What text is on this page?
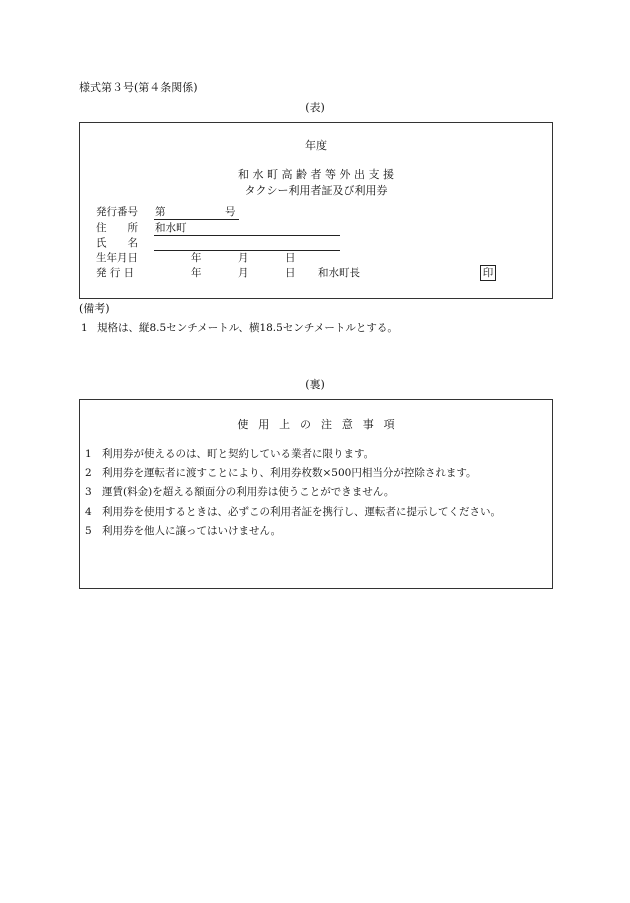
様式第３号(第４条関係)
(表)
年度
和 水 町 高 齢 者 等 外 出 支 援
タクシー利用者証及び利用券
発行番号 第	号
住　　所 和水町
氏　　名
生年月日	年	月	日
発 行 日	年	月	日 和水町長	印
(備考)
1 規格は、縦8.5センチメートル、横18.5センチメートルとする。
(裏)
使用上の注意事項
1 利用券が使えるのは、町と契約している業者に限ります。
2 利用券を運転者に渡すことにより、利用券枚数×500円相当分が控除されます。
3 運賃(料金)を超える額面分の利用券は使うことができません。
4 利用券を使用するときは、必ずこの利用者証を携行し、運転者に提示してください。
5 利用券を他人に譲ってはいけません。
